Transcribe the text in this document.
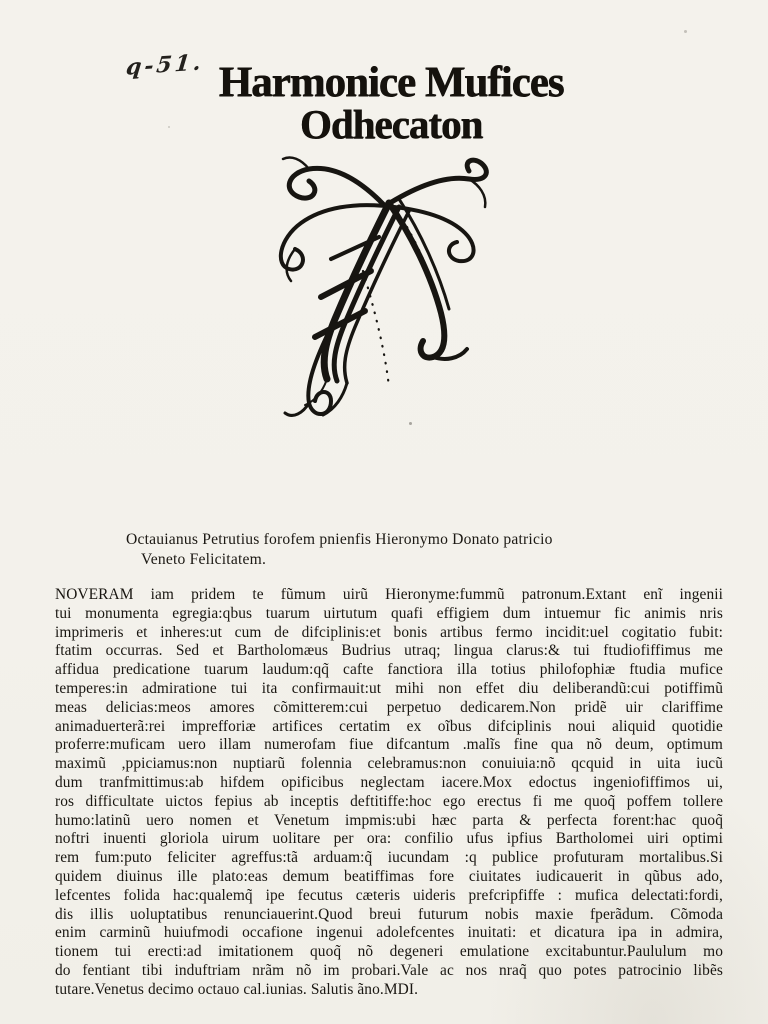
q-51. Harmonice Mufices
Odhecaton
Octauianus Petrutius forofem pnienfis Hieronymo Donato patricio
Veneto Felicitatem.
NOVERAM iam pridem te fũmum uirũ Hieronyme:fummũ patronum.Extant enĩ ingenii
tui monumenta egregia:qbus tuarum uirtutum quafi effigiem dum intuemur fic animis nris
imprimeris et inheres:ut cum de difciplinis:et bonis artibus fermo incidit:uel cogitatio fubit:
ftatim occurras. Sed et Bartholomæus Budrius utraq; lingua clarus:& tui ftudiofiffimus me
affidua predicatione tuarum laudum:qq̃ cafte fanctiora illa totius philofophiæ ftudia mufice
temperes:in admiratione tui ita confirmauit:ut mihi non effet diu deliberandũ:cui potiffimũ
meas delicias:meos amores cõmitterem:cui perpetuo dedicarem.Non pridẽ uir clariffime
animaduerterã:rei imprefforiæ artifices certatim ex oĩbus difciplinis noui aliquid quotidie
proferre:muficam uero illam numerofam fiue difcantum .malĩs fine qua nõ deum, optimum
maximũ ,ppiciamus:non nuptiarũ folennia celebramus:non conuiuia:nõ qcquid in uita iucũ
dum tranfmittimus:ab hifdem opificibus neglectam iacere.Mox edoctus ingeniofiffimos ui,
ros difficultate uictos fepius ab inceptis deftitiffe:hoc ego erectus fi me quoq̃ poffem tollere
humo:latinũ uero nomen et Venetum impmis:ubi hæc parta & perfecta forent:hac quoq̃
noftri inuenti gloriola uirum uolitare per ora: confilio ufus ipfius Bartholomei uiri optimi
rem fum:puto feliciter agreffus:tã arduam:q̃ iucundam :q publice profuturam mortalibus.Si
quidem diuinus ille plato:eas demum beatiffimas fore ciuitates iudicauerit in qũbus ado,
lefcentes folida hac:qualemq̃ ipe fecutus cæteris uideris prefcripfiffe : mufica delectati:fordi,
dis illis uoluptatibus renunciauerint.Quod breui futurum nobis maxie fperãdum. Cõmoda
enim carminũ huiufmodi occafione ingenui adolefcentes inuitati: et dicatura ipa in admira,
tionem tui erecti:ad imitationem quoq̃ nõ degeneri emulatione excitabuntur.Paululum mo
do fentiant tibi induftriam nrãm nõ im probari.Vale ac nos nraq̃ quo potes patrocinio libẽs
tutare.Venetus decimo octauo cal.iunias. Salutis ãno.MDI.
